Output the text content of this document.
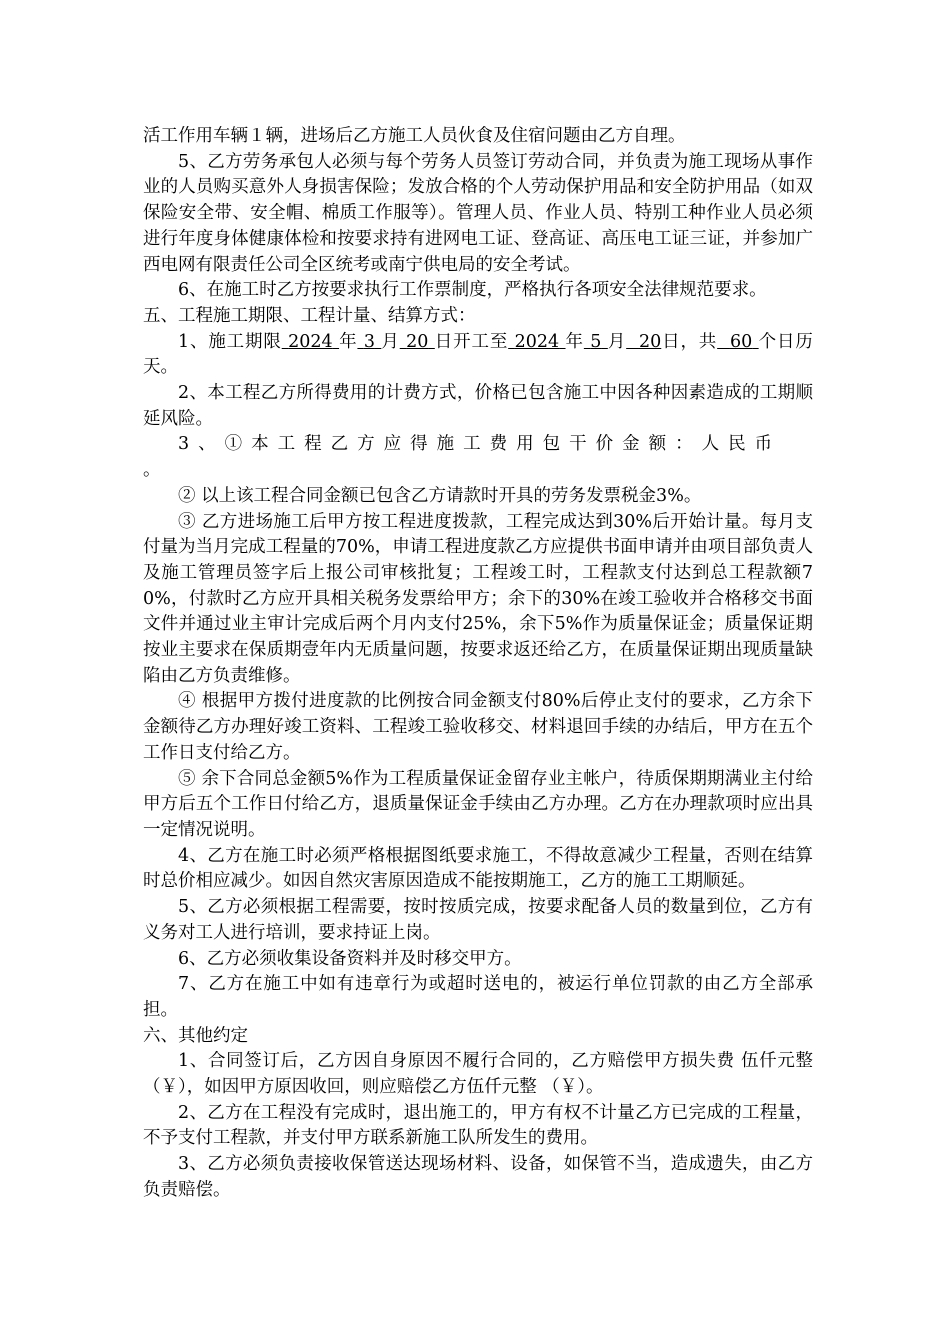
活工作用车辆１辆，进场后乙方施工人员伙食及住宿问题由乙方自理。

5、乙方劳务承包人必须与每个劳务人员签订劳动合同，并负责为施工现场从事作业的人员购买意外人身损害保险；发放合格的个人劳动保护用品和安全防护用品（如双保险安全带、安全帽、棉质工作服等）。管理人员、作业人员、特别工种作业人员必须进行年度身体健康体检和按要求持有进网电工证、登高证、高压电工证三证，并参加广西电网有限责任公司全区统考或南宁供电局的安全考试。

6、在施工时乙方按要求执行工作票制度，严格执行各项安全法律规范要求。

五、工程施工期限、工程计量、结算方式：

1、施工期限 2024 年 3 月 20 日开工至 2024 年 5 月 20日，共 60 个日历天。

2、本工程乙方所得费用的计费方式，价格已包含施工中因各种因素造成的工期顺延风险。

3、①本工程乙方应得施工费用包干价金额：人民币
。

② 以上该工程合同金额已包含乙方请款时开具的劳务发票税金3%。

③ 乙方进场施工后甲方按工程进度拨款，工程完成达到30%后开始计量。每月支付量为当月完成工程量的70%，申请工程进度款乙方应提供书面申请并由项目部负责人及施工管理员签字后上报公司审核批复；工程竣工时，工程款支付达到总工程款额70%，付款时乙方应开具相关税务发票给甲方；余下的30%在竣工验收并合格移交书面文件并通过业主审计完成后两个月内支付25%，余下5%作为质量保证金；质量保证期按业主要求在保质期壹年内无质量问题，按要求返还给乙方，在质量保证期出现质量缺陷由乙方负责维修。

④ 根据甲方拨付进度款的比例按合同金额支付80%后停止支付的要求，乙方余下金额待乙方办理好竣工资料、工程竣工验收移交、材料退回手续的办结后，甲方在五个工作日支付给乙方。

⑤ 余下合同总金额5%作为工程质量保证金留存业主帐户，待质保期期满业主付给甲方后五个工作日付给乙方，退质量保证金手续由乙方办理。乙方在办理款项时应出具一定情况说明。

4、乙方在施工时必须严格根据图纸要求施工，不得故意减少工程量，否则在结算时总价相应减少。如因自然灾害原因造成不能按期施工，乙方的施工工期顺延。

5、乙方必须根据工程需要，按时按质完成，按要求配备人员的数量到位，乙方有义务对工人进行培训，要求持证上岗。

6、乙方必须收集设备资料并及时移交甲方。

7、乙方在施工中如有违章行为或超时送电的，被运行单位罚款的由乙方全部承担。

六、其他约定

1、合同签订后，乙方因自身原因不履行合同的，乙方赔偿甲方损失费 伍仟元整（￥），如因甲方原因收回，则应赔偿乙方伍仟元整 （￥）。

2、乙方在工程没有完成时，退出施工的，甲方有权不计量乙方已完成的工程量，不予支付工程款，并支付甲方联系新施工队所发生的费用。

3、乙方必须负责接收保管送达现场材料、设备，如保管不当，造成遗失，由乙方负责赔偿。
